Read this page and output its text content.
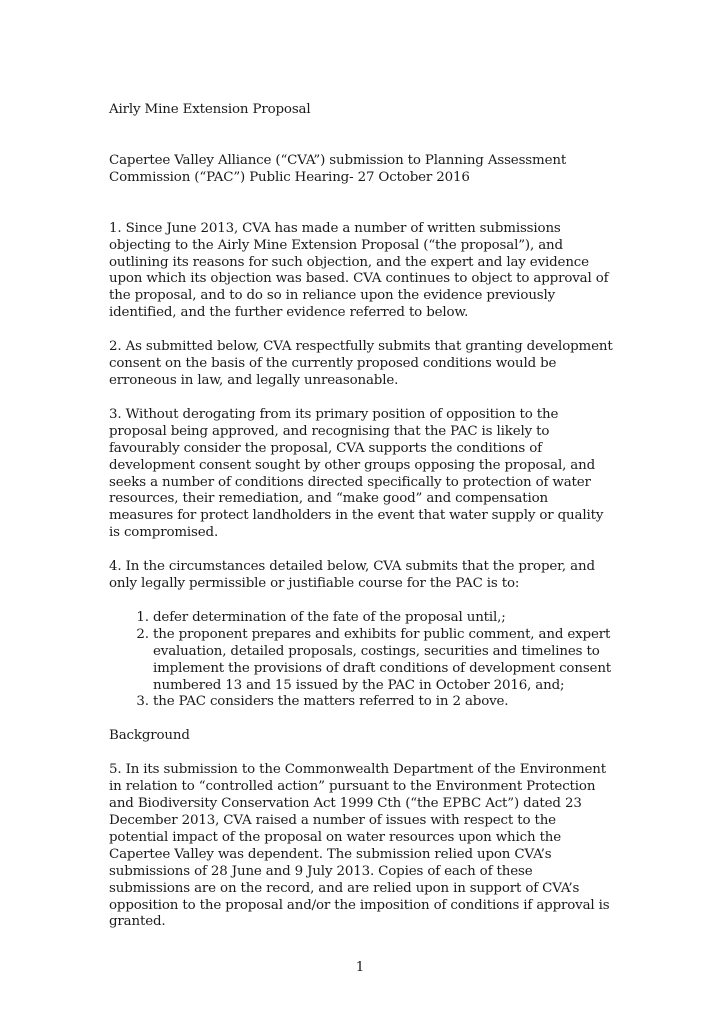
Airly Mine Extension Proposal

Capertee Valley Alliance (“CVA”) submission to Planning Assessment Commission (“PAC”) Public Hearing- 27 October 2016

1. Since June 2013, CVA has made a number of written submissions objecting to the Airly Mine Extension Proposal (“the proposal”), and outlining its reasons for such objection, and the expert and lay evidence upon which its objection was based. CVA continues to object to approval of the proposal, and to do so in reliance upon the evidence previously identified, and the further evidence referred to below.

2. As submitted below, CVA respectfully submits that granting development consent on the basis of the currently proposed conditions would be erroneous in law, and legally unreasonable.

3. Without derogating from its primary position of opposition to the proposal being approved, and recognising that the PAC is likely to favourably consider the proposal, CVA supports the conditions of development consent sought by other groups opposing the proposal, and seeks a number of conditions directed specifically to protection of water resources, their remediation, and “make good” and compensation measures for protect landholders in the event that water supply or quality is compromised.

4. In the circumstances detailed below, CVA submits that the proper, and only legally permissible or justifiable course for the PAC is to:

1. defer determination of the fate of the proposal until,;
2. the proponent prepares and exhibits for public comment, and expert evaluation, detailed proposals, costings, securities and timelines to implement the provisions of draft conditions of development consent numbered 13 and 15 issued by the PAC in October 2016, and;
3. the PAC considers the matters referred to in 2 above.

Background

5. In its submission to the Commonwealth Department of the Environment in relation to “controlled action” pursuant to the Environment Protection and Biodiversity Conservation Act 1999 Cth (“the EPBC Act”) dated 23 December 2013, CVA raised a number of issues with respect to the potential impact of the proposal on water resources upon which the Capertee Valley was dependent. The submission relied upon CVA’s submissions of 28 June and 9 July 2013. Copies of each of these submissions are on the record, and are relied upon in support of CVA’s opposition to the proposal and/or the imposition of conditions if approval is granted.

1
